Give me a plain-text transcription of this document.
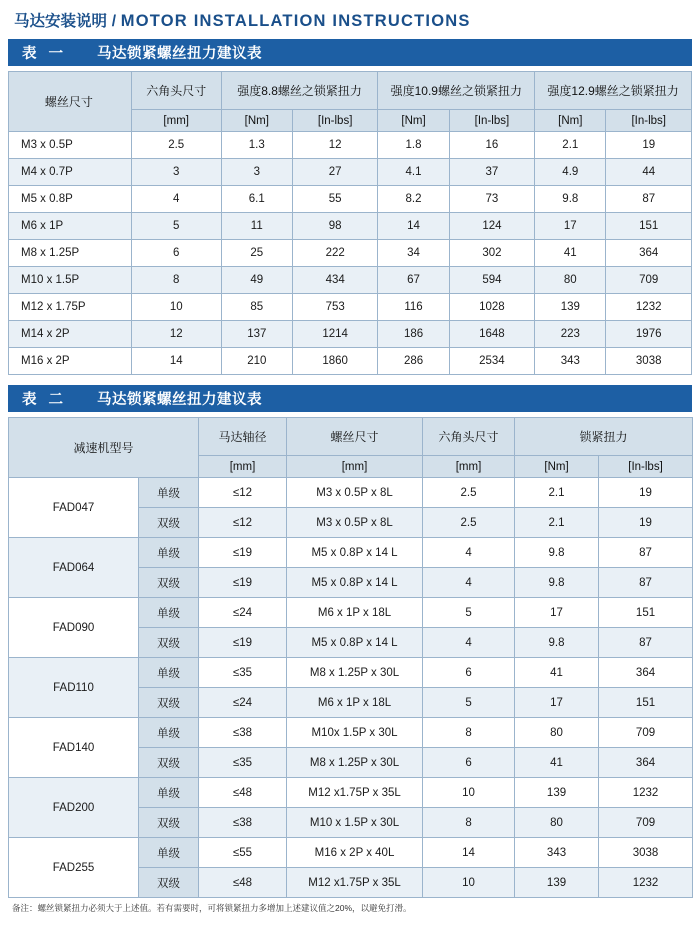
马达安装说明 / MOTOR INSTALLATION INSTRUCTIONS
表 一	马达锁紧螺丝扭力建议表
螺丝尺寸	六角头尺寸	强度8.8螺丝之锁紧扭力		强度10.9螺丝之锁紧扭力		强度12.9螺丝之锁紧扭力	
	[mm]	[Nm]	[In-lbs]	[Nm]	[In-lbs]	[Nm]	[In-lbs]
M3 x 0.5P	2.5	1.3	12	1.8	16	2.1	19
M4 x 0.7P	3	3	27	4.1	37	4.9	44
M5 x 0.8P	4	6.1	55	8.2	73	9.8	87
M6 x 1P	5	11	98	14	124	17	151
M8 x 1.25P	6	25	222	34	302	41	364
M10 x 1.5P	8	49	434	67	594	80	709
M12 x 1.75P	10	85	753	116	1028	139	1232
M14 x 2P	12	137	1214	186	1648	223	1976
M16 x 2P	14	210	1860	286	2534	343	3038
表 二	马达锁紧螺丝扭力建议表
减速机型号		马达轴径	螺丝尺寸	六角头尺寸	锁紧扭力	
		[mm]	[mm]	[mm]	[Nm]	[In-lbs]
FAD047	单级	≤12	M3 x 0.5P x 8L	2.5	2.1	19
	双级	≤12	M3 x 0.5P x 8L	2.5	2.1	19
FAD064	单级	≤19	M5 x 0.8P x 14 L	4	9.8	87
	双级	≤19	M5 x 0.8P x 14 L	4	9.8	87
FAD090	单级	≤24	M6 x 1P x 18L	5	17	151
	双级	≤19	M5 x 0.8P x 14 L	4	9.8	87
FAD110	单级	≤35	M8 x 1.25P x 30L	6	41	364
	双级	≤24	M6 x 1P x 18L	5	17	151
FAD140	单级	≤38	M10x 1.5P x 30L	8	80	709
	双级	≤35	M8 x 1.25P x 30L	6	41	364
FAD200	单级	≤48	M12 x1.75P x 35L	10	139	1232
	双级	≤38	M10 x 1.5P x 30L	8	80	709
FAD255	单级	≤55	M16 x 2P x 40L	14	343	3038
	双级	≤48	M12 x1.75P x 35L	10	139	1232
备注：螺丝锁紧扭力必须大于上述值。若有需要时，可将锁紧扭力多增加上述建议值之20%，以避免打滑。
